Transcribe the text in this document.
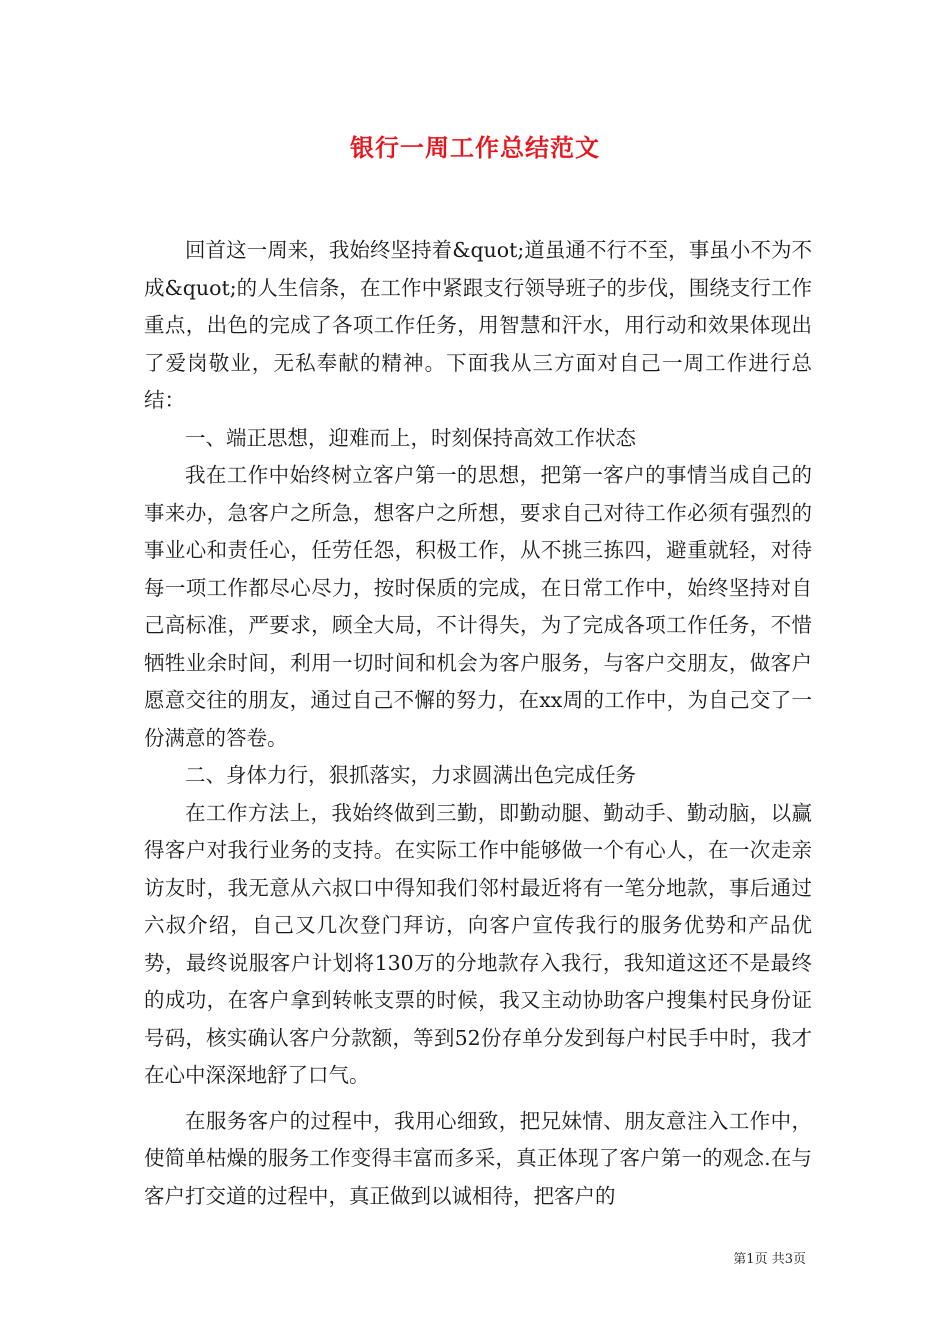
银行一周工作总结范文

回首这一周来，我始终坚持着&quot;道虽通不行不至，事虽小不为不成&quot;的人生信条，在工作中紧跟支行领导班子的步伐，围绕支行工作重点，出色的完成了各项工作任务，用智慧和汗水，用行动和效果体现出了爱岗敬业，无私奉献的精神。下面我从三方面对自己一周工作进行总结：

一、端正思想，迎难而上，时刻保持高效工作状态

我在工作中始终树立客户第一的思想，把第一客户的事情当成自己的事来办，急客户之所急，想客户之所想，要求自己对待工作必须有强烈的事业心和责任心，任劳任怨，积极工作，从不挑三拣四，避重就轻，对待每一项工作都尽心尽力，按时保质的完成，在日常工作中，始终坚持对自己高标准，严要求，顾全大局，不计得失，为了完成各项工作任务，不惜牺牲业余时间，利用一切时间和机会为客户服务，与客户交朋友，做客户愿意交往的朋友，通过自己不懈的努力，在xx周的工作中，为自己交了一份满意的答卷。

二、身体力行，狠抓落实，力求圆满出色完成任务

在工作方法上，我始终做到三勤，即勤动腿、勤动手、勤动脑，以赢得客户对我行业务的支持。在实际工作中能够做一个有心人，在一次走亲访友时，我无意从六叔口中得知我们邻村最近将有一笔分地款，事后通过六叔介绍，自己又几次登门拜访，向客户宣传我行的服务优势和产品优势，最终说服客户计划将130万的分地款存入我行，我知道这还不是最终的成功，在客户拿到转帐支票的时候，我又主动协助客户搜集村民身份证号码，核实确认客户分款额，等到52份存单分发到每户村民手中时，我才在心中深深地舒了口气。

在服务客户的过程中，我用心细致，把兄妹情、朋友意注入工作中，使简单枯燥的服务工作变得丰富而多采，真正体现了客户第一的观念.在与客户打交道的过程中，真正做到以诚相待，把客户的

第1页 共3页
